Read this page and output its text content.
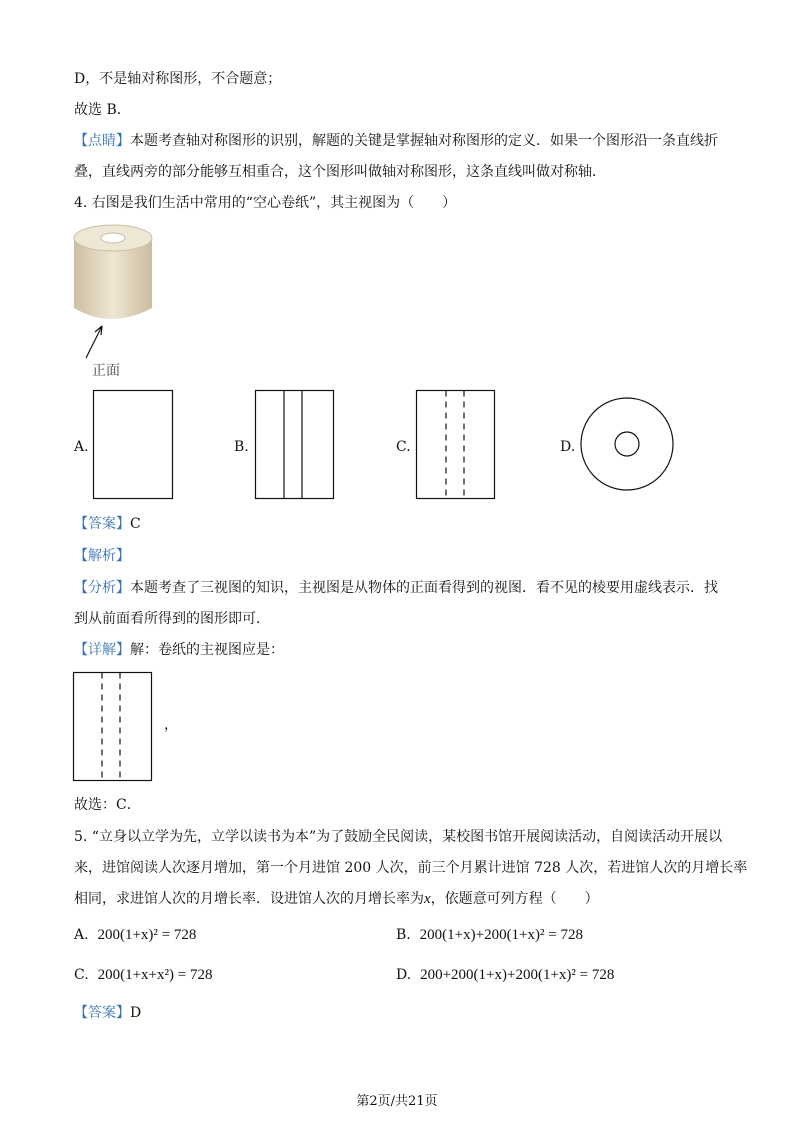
D，不是轴对称图形，不合题意；
故选 B．
【点睛】本题考查轴对称图形的识别，解题的关键是掌握轴对称图形的定义．如果一个图形沿一条直线折
叠，直线两旁的部分能够互相重合，这个图形叫做轴对称图形，这条直线叫做对称轴．
4. 右图是我们生活中常用的“空心卷纸”，其主视图为（　　）
正面
A.	B.	C.	D.
【答案】C
【解析】
【分析】本题考查了三视图的知识，主视图是从物体的正面看得到的视图．看不见的棱要用虚线表示．找
到从前面看所得到的图形即可．
【详解】解：卷纸的主视图应是：
，
故选：C．
5. “立身以立学为先，立学以读书为本”为了鼓励全民阅读，某校图书馆开展阅读活动，自阅读活动开展以
来，进馆阅读人次逐月增加，第一个月进馆 200 人次，前三个月累计进馆 728 人次，若进馆人次的月增长率
相同，求进馆人次的月增长率．设进馆人次的月增长率为x，依题意可列方程（　　）
A. 200(1+x)² = 728	B. 200(1+x)+200(1+x)² = 728
C. 200(1+x+x²) = 728	D. 200+200(1+x)+200(1+x)² = 728
【答案】D
第2页/共21页
